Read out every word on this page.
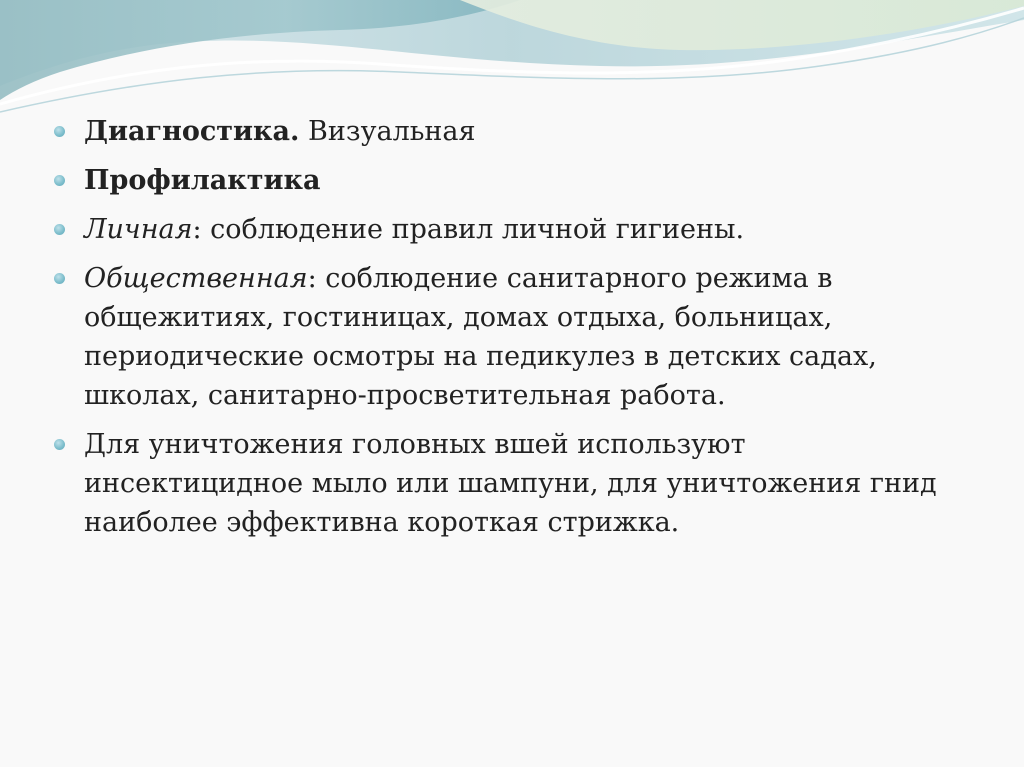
Диагностика. Визуальная
Профилактика
Личная: соблюдение правил личной гигиены.
Общественная: соблюдение санитарного режима в общежитиях, гостиницах, домах отдыха, больницах, периодические осмотры на педикулез в детских садах, школах, санитарно-просветительная работа.
Для уничтожения головных вшей используют инсектицидное мыло или шампуни, для уничтожения гнид наиболее эффективна короткая стрижка.
